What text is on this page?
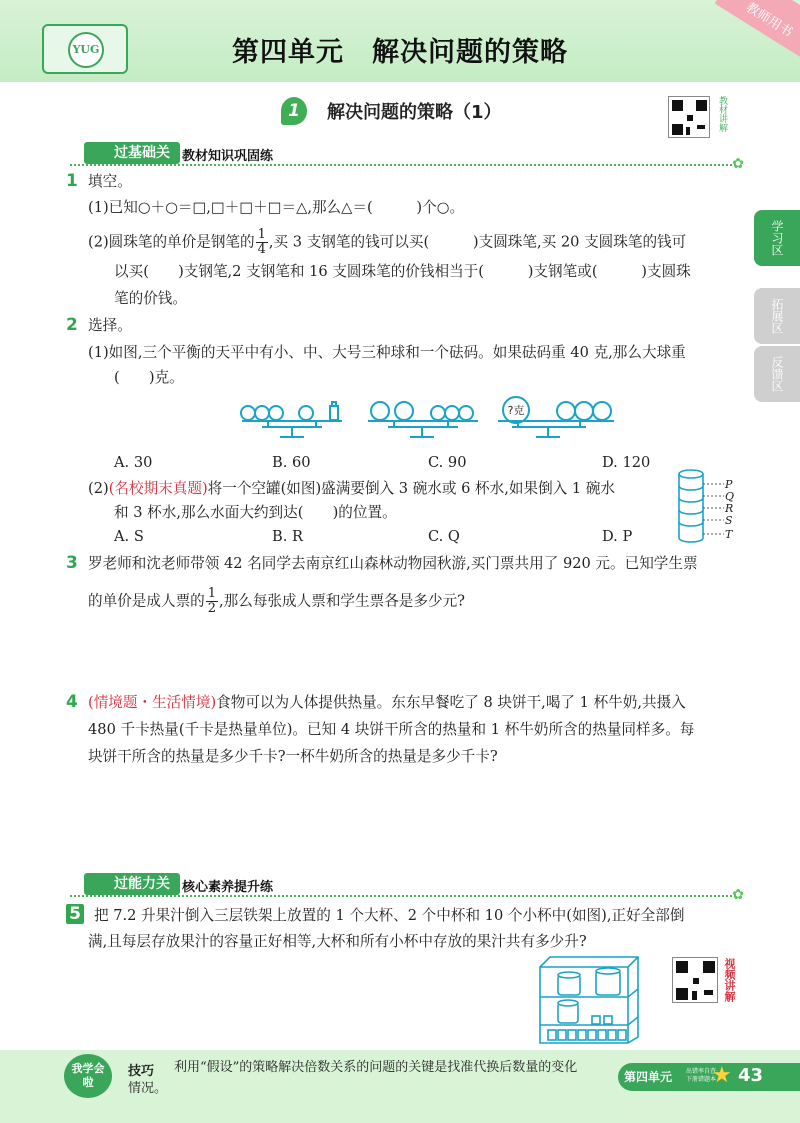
YUG	第四单元　解决问题的策略
教师用书
1	解决问题的策略（1）	教材讲解
过基础关 教材知识巩固练	✿
1 填空。
(1)已知○＋○＝□,□＋□＋□＝△,那么△＝(　　　)个○。
(2)圆珠笔的单价是钢笔的 $\frac{1}{4}$ ,买 3 支钢笔的钱可以买(　　　)支圆珠笔,买 20 支圆珠笔的钱可
以买(　　)支钢笔,2 支钢笔和 16 支圆珠笔的价钱相当于(　　　)支钢笔或(　　　)支圆珠
笔的价钱。
2 选择。
(1)如图,三个平衡的天平中有小、中、大号三种球和一个砝码。如果砝码重 40 克,那么大球重
(　　)克。
?克
A. 30	B. 60	C. 90	D. 120
(2)(名校期末真题)将一个空罐(如图)盛满要倒入 3 碗水或 6 杯水,如果倒入 1 碗水
和 3 杯水,那么水面大约到达(　　)的位置。
A. S	B. R	C. Q	D. P
P
Q
R
S
T
3 罗老师和沈老师带领 42 名同学去南京红山森林动物园秋游,买门票共用了 920 元。已知学生票
的单价是成人票的 $\frac{1}{2}$ ,那么每张成人票和学生票各是多少元?
4 (情境题・生活情境)食物可以为人体提供热量。东东早餐吃了 8 块饼干,喝了 1 杯牛奶,共摄入
480 千卡热量(千卡是热量单位)。已知 4 块饼干所含的热量和 1 杯牛奶所含的热量同样多。每
块饼干所含的热量是多少千卡?一杯牛奶所含的热量是多少千卡?
过能力关 核心素养提升练	✿
5 把 7.2 升果汁倒入三层铁架上放置的 1 个大杯、2 个中杯和 10 个小杯中(如图),正好全部倒
满,且每层存放果汁的容量正好相等,大杯和所有小杯中存放的果汁共有多少升?
视频讲解
学习区
拓展区
反馈区
我学会啦
技巧 利用“假设”的策略解决倍数关系的问题的关键是找准代换后数量的变化
情况。
第四单元 出错率自查
下册错题本
★ 43
